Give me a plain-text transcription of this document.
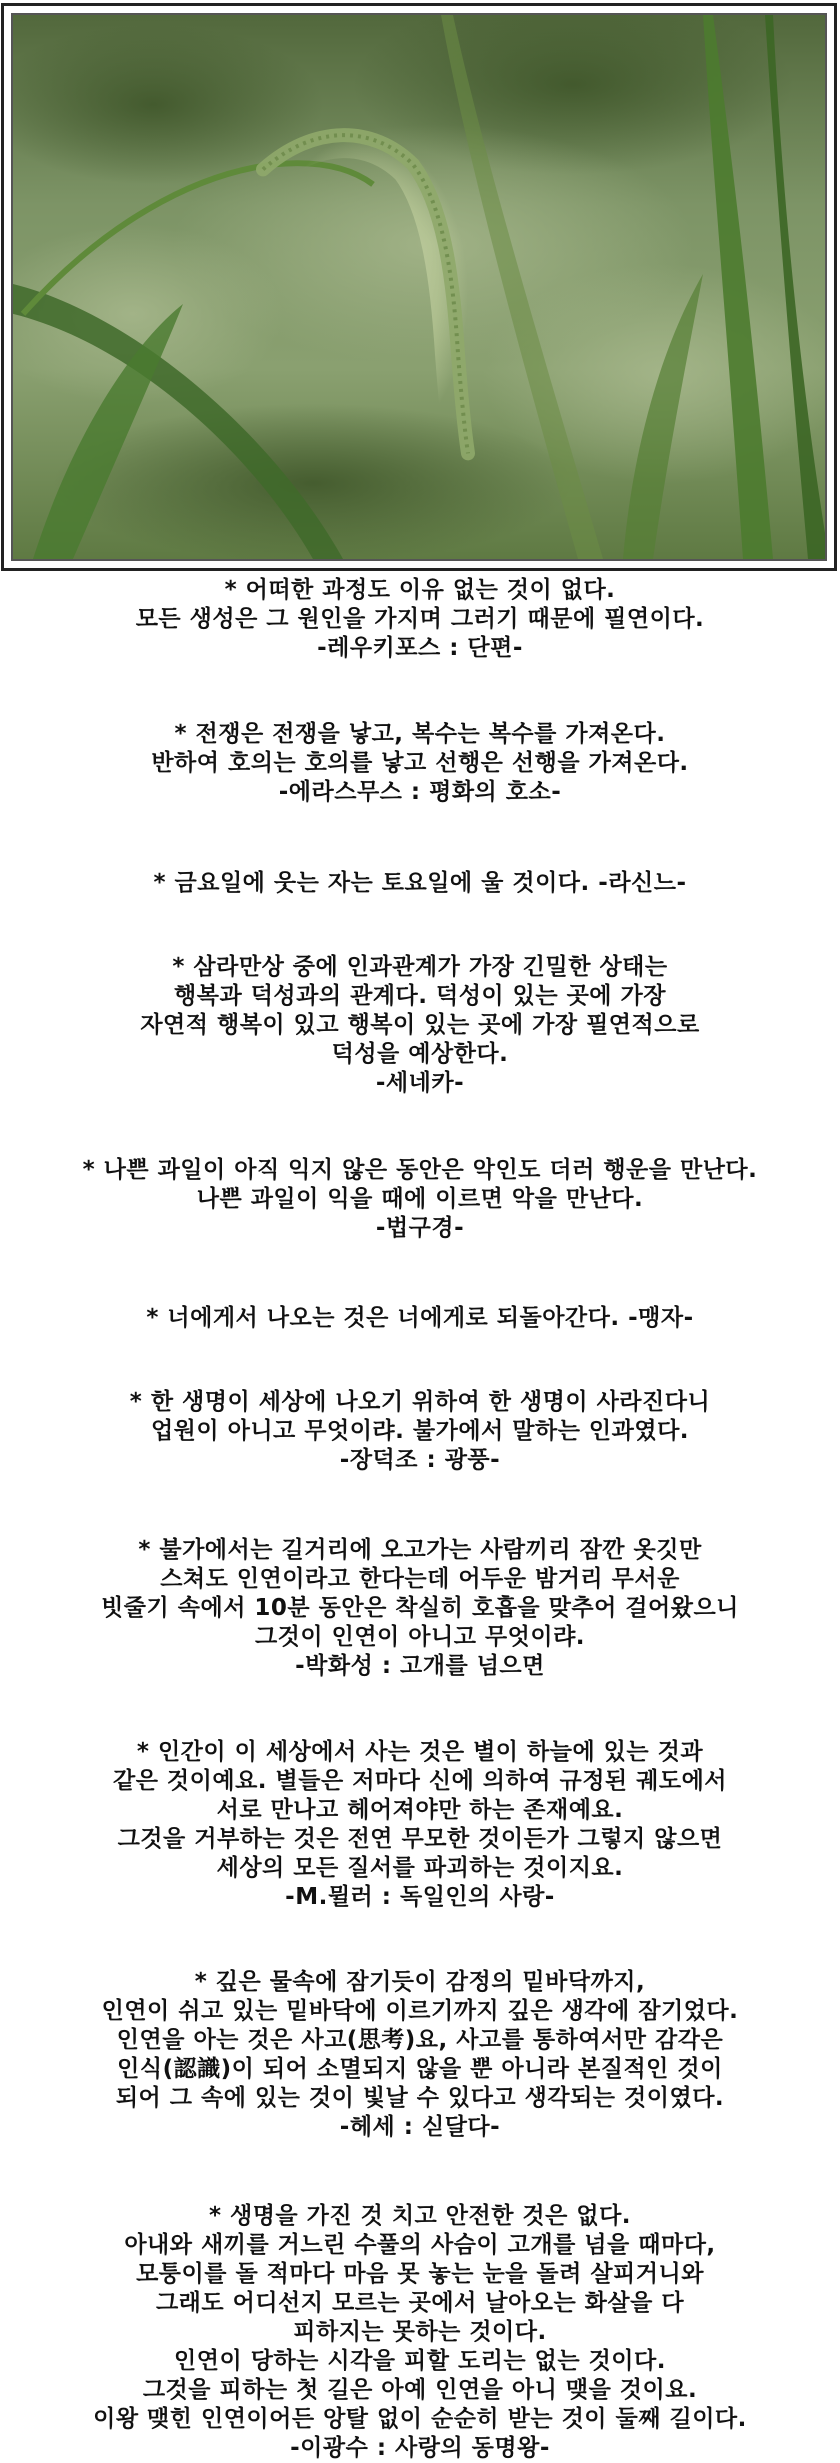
* 어떠한 과정도 이유 없는 것이 없다.
모든 생성은 그 원인을 가지며 그러기 때문에 필연이다.
-레우키포스 : 단편-
* 전쟁은 전쟁을 낳고, 복수는 복수를 가져온다.
반하여 호의는 호의를 낳고 선행은 선행을 가져온다.
-에라스무스 : 평화의 호소-
* 금요일에 웃는 자는 토요일에 울 것이다. -라신느-
* 삼라만상 중에 인과관계가 가장 긴밀한 상태는
행복과 덕성과의 관계다. 덕성이 있는 곳에 가장
자연적 행복이 있고 행복이 있는 곳에 가장 필연적으로
덕성을 예상한다.
-세네카-
* 나쁜 과일이 아직 익지 않은 동안은 악인도 더러 행운을 만난다.
나쁜 과일이 익을 때에 이르면 악을 만난다.
-법구경-
* 너에게서 나오는 것은 너에게로 되돌아간다. -맹자-
* 한 생명이 세상에 나오기 위하여 한 생명이 사라진다니
업원이 아니고 무엇이랴. 불가에서 말하는 인과였다.
-장덕조 : 광풍-
* 불가에서는 길거리에 오고가는 사람끼리 잠깐 옷깃만
스쳐도 인연이라고 한다는데 어두운 밤거리 무서운
빗줄기 속에서 10분 동안은 착실히 호흡을 맞추어 걸어왔으니
그것이 인연이 아니고 무엇이랴.
-박화성 : 고개를 넘으면
* 인간이 이 세상에서 사는 것은 별이 하늘에 있는 것과
같은 것이예요. 별들은 저마다 신에 의하여 규정된 궤도에서
서로 만나고 헤어져야만 하는 존재예요.
그것을 거부하는 것은 전연 무모한 것이든가 그렇지 않으면
세상의 모든 질서를 파괴하는 것이지요.
-M.뮐러 : 독일인의 사랑-
* 깊은 물속에 잠기듯이 감정의 밑바닥까지,
인연이 쉬고 있는 밑바닥에 이르기까지 깊은 생각에 잠기었다.
인연을 아는 것은 사고(思考)요, 사고를 통하여서만 감각은
인식(認識)이 되어 소멸되지 않을 뿐 아니라 본질적인 것이
되어 그 속에 있는 것이 빛날 수 있다고 생각되는 것이였다.
-헤세 : 싣달다-
* 생명을 가진 것 치고 안전한 것은 없다.
아내와 새끼를 거느린 수풀의 사슴이 고개를 넘을 때마다,
모퉁이를 돌 적마다 마음 못 놓는 눈을 돌려 살피거니와
그래도 어디선지 모르는 곳에서 날아오는 화살을 다
피하지는 못하는 것이다.
인연이 당하는 시각을 피할 도리는 없는 것이다.
그것을 피하는 첫 길은 아예 인연을 아니 맺을 것이요.
이왕 맺힌 인연이어든 앙탈 없이 순순히 받는 것이 둘째 길이다.
-이광수 : 사랑의 동명왕-
